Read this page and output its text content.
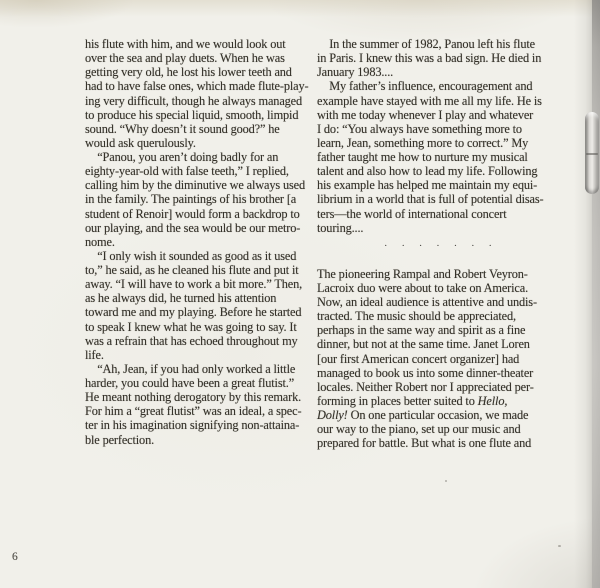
his flute with him, and we would look out
over the sea and play duets. When he was
getting very old, he lost his lower teeth and
had to have false ones, which made flute-play-
ing very difficult, though he always managed
to produce his special liquid, smooth, limpid
sound. “Why doesn’t it sound good?” he
would ask querulously.
 “Panou, you aren’t doing badly for an
eighty-year-old with false teeth,” I replied,
calling him by the diminutive we always used
in the family. The paintings of his brother [a
student of Renoir] would form a backdrop to
our playing, and the sea would be our metro-
nome.
 “I only wish it sounded as good as it used
to,” he said, as he cleaned his flute and put it
away. “I will have to work a bit more.” Then,
as he always did, he turned his attention
toward me and my playing. Before he started
to speak I knew what he was going to say. It
was a refrain that has echoed throughout my
life.
 “Ah, Jean, if you had only worked a little
harder, you could have been a great flutist.”
He meant nothing derogatory by this remark.
For him a “great flutist” was an ideal, a spec-
ter in his imagination signifying non-attaina-
ble perfection.
 In the summer of 1982, Panou left his flute
in Paris. I knew this was a bad sign. He died in
January 1983....
 My father’s influence, encouragement and
example have stayed with me all my life. He is
with me today whenever I play and whatever
I do: “You always have something more to
learn, Jean, something more to correct.” My
father taught me how to nurture my musical
talent and also how to lead my life. Following
his example has helped me maintain my equi-
librium in a world that is full of potential disas-
ters—the world of international concert
touring....
· · · · · · ·
The pioneering Rampal and Robert Veyron-
Lacroix duo were about to take on America.
Now, an ideal audience is attentive and undis-
tracted. The music should be appreciated,
perhaps in the same way and spirit as a fine
dinner, but not at the same time. Janet Loren
[our first American concert organizer] had
managed to book us into some dinner-theater
locales. Neither Robert nor I appreciated per-
forming in places better suited to Hello,
Dolly! On one particular occasion, we made
our way to the piano, set up our music and
prepared for battle. But what is one flute and
6
